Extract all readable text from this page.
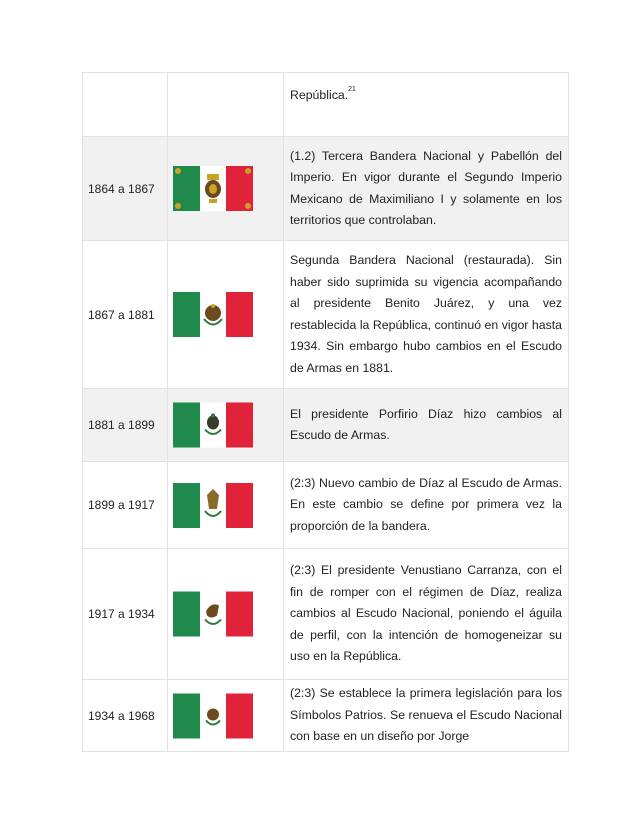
		República.$^{21}$
1864 a 1867		(1.2) Tercera Bandera Nacional y Pabellón del Imperio. En vigor durante el Segundo Imperio Mexicano de Maximiliano I y solamente en los territorios que controlaban.
1867 a 1881		Segunda Bandera Nacional (restaurada). Sin haber sido suprimida su vigencia acompañando al presidente Benito Juárez, y una vez restablecida la República, continuó en vigor hasta 1934. Sin embargo hubo cambios en el Escudo de Armas en 1881.
1881 a 1899		El presidente Porfirio Díaz hizo cambios al Escudo de Armas.
1899 a 1917		(2:3) Nuevo cambio de Díaz al Escudo de Armas. En este cambio se define por primera vez la proporción de la bandera.
1917 a 1934		(2:3) El presidente Venustiano Carranza, con el fin de romper con el régimen de Díaz, realiza cambios al Escudo Nacional, poniendo el águila de perfil, con la intención de homogeneizar su uso en la República.
1934 a 1968		(2:3) Se establece la primera legislación para los Símbolos Patrios. Se renueva el Escudo Nacional con base en un diseño por Jorge
